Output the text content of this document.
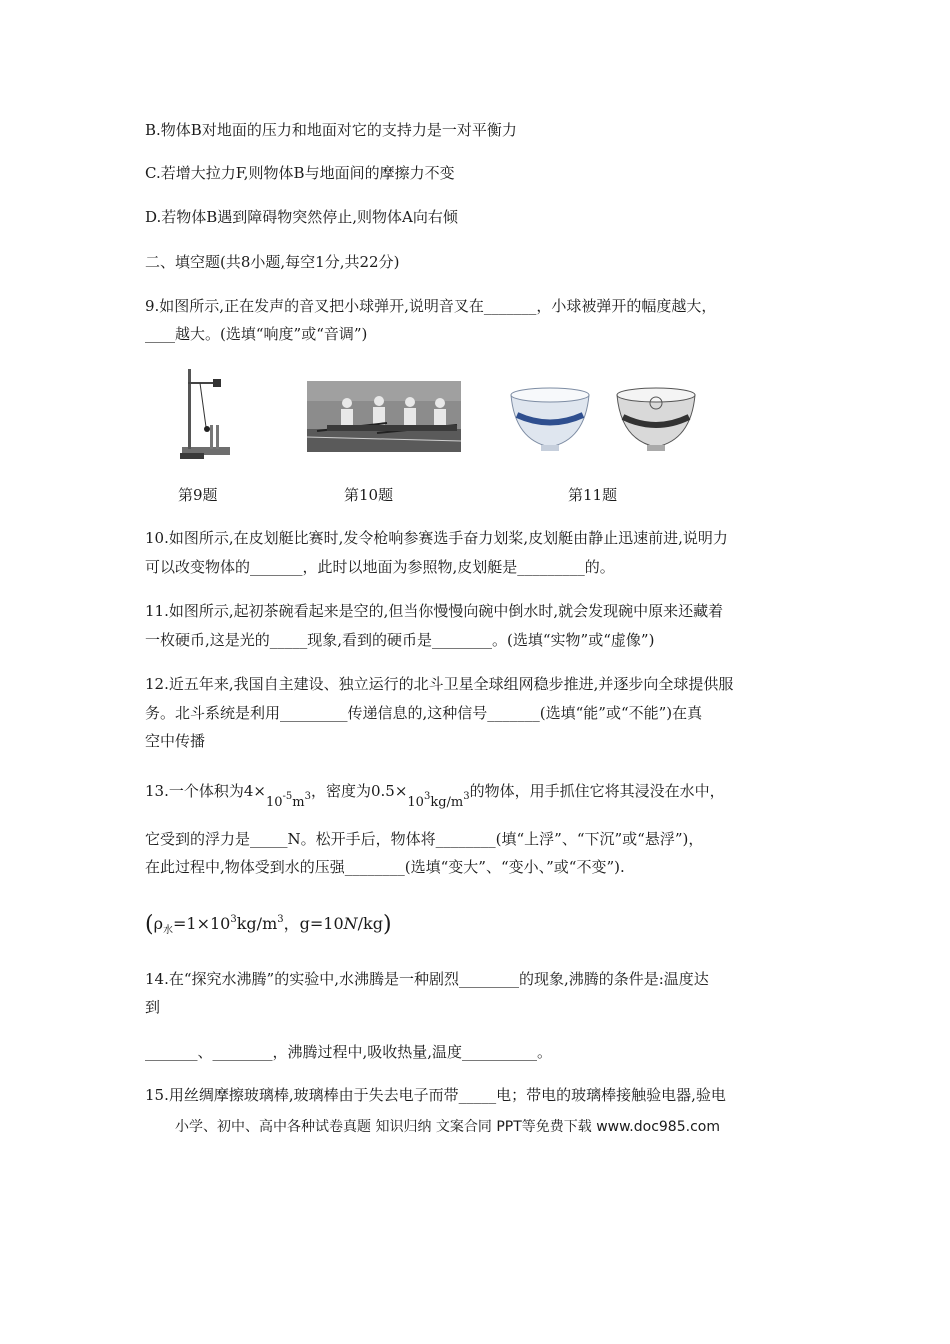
B.物体B对地面的压力和地面对它的支持力是一对平衡力
C.若增大拉力F,则物体B与地面间的摩擦力不变
D.若物体B遇到障碍物突然停止,则物体A向右倾
二、填空题(共8小题,每空1分,共22分)
9.如图所示,正在发声的音叉把小球弹开,说明音叉在_______，小球被弹开的幅度越大，
____越大。(选填“响度”或“音调”)
第9题	第10题	第11题
10.如图所示,在皮划艇比赛时,发令枪响参赛选手奋力划桨,皮划艇由静止迅速前进,说明力
可以改变物体的_______，此时以地面为参照物,皮划艇是_________的。
11.如图所示,起初茶碗看起来是空的,但当你慢慢向碗中倒水时,就会发现碗中原来还藏着
一枚硬币,这是光的_____现象,看到的硬币是________。(选填“实物”或“虚像”)
12.近五年来,我国自主建设、独立运行的北斗卫星全球组网稳步推进,并逐步向全球提供服
务。北斗系统是利用_________传递信息的,这种信号_______(选填“能”或“不能”)在真
空中传播
13.一个体积为$4\times 10^{-5}m^3$，密度为$0.5\times 10^3kg/m^3$的物体，用手抓住它将其浸没在水中，
它受到的浮力是_____N。松开手后，物体将________(填“上浮”、“下沉”或“悬浮”)，
在此过程中,物体受到水的压强________(选填“变大”、“变小、”或“不变”).
($\rho_水=1\times 10^3kg/m^3$，g=10N/kg)
14.在“探究水沸腾”的实验中,水沸腾是一种剧烈________的现象,沸腾的条件是:温度达
到
_______、________，沸腾过程中,吸收热量,温度__________。
15.用丝绸摩擦玻璃棒,玻璃棒由于失去电子而带_____电；带电的玻璃棒接触验电器,验电
小学、初中、高中各种试卷真题 知识归纳 文案合同 PPT等免费下载 www.doc985.com
